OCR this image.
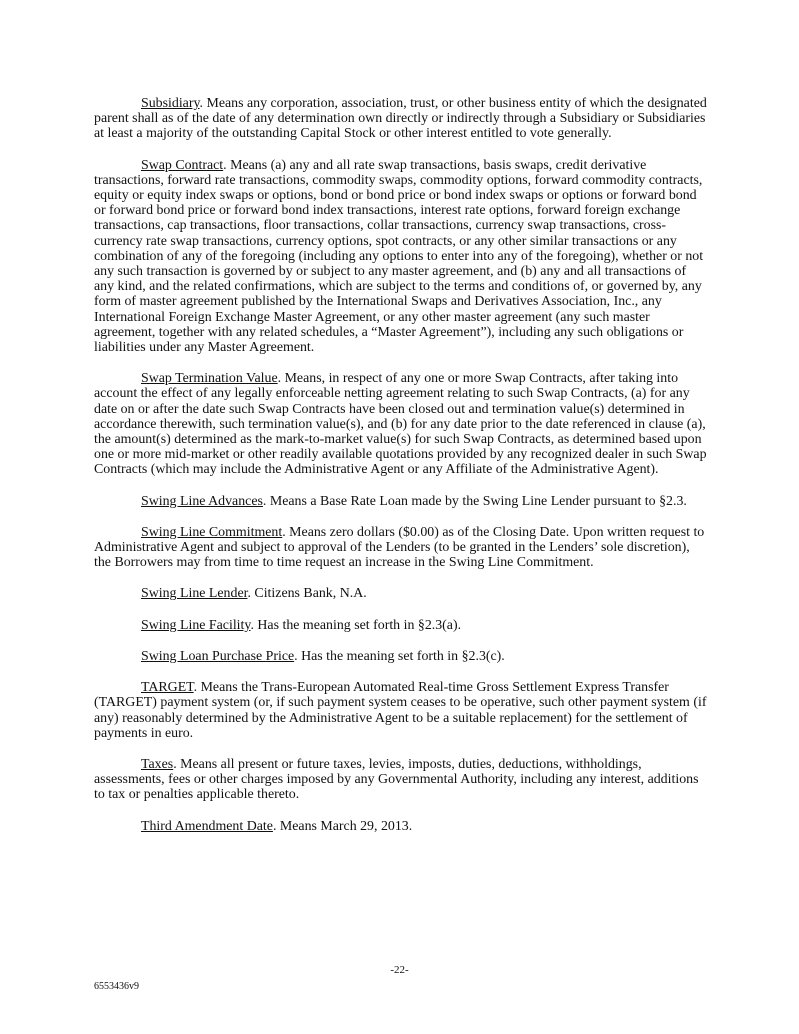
Subsidiary. Means any corporation, association, trust, or other business entity of which the designated parent shall as of the date of any determination own directly or indirectly through a Subsidiary or Subsidiaries at least a majority of the outstanding Capital Stock or other interest entitled to vote generally.

Swap Contract. Means (a) any and all rate swap transactions, basis swaps, credit derivative transactions, forward rate transactions, commodity swaps, commodity options, forward commodity contracts, equity or equity index swaps or options, bond or bond price or bond index swaps or options or forward bond or forward bond price or forward bond index transactions, interest rate options, forward foreign exchange transactions, cap transactions, floor transactions, collar transactions, currency swap transactions, cross-currency rate swap transactions, currency options, spot contracts, or any other similar transactions or any combination of any of the foregoing (including any options to enter into any of the foregoing), whether or not any such transaction is governed by or subject to any master agreement, and (b) any and all transactions of any kind, and the related confirmations, which are subject to the terms and conditions of, or governed by, any form of master agreement published by the International Swaps and Derivatives Association, Inc., any International Foreign Exchange Master Agreement, or any other master agreement (any such master agreement, together with any related schedules, a “Master Agreement”), including any such obligations or liabilities under any Master Agreement.

Swap Termination Value. Means, in respect of any one or more Swap Contracts, after taking into account the effect of any legally enforceable netting agreement relating to such Swap Contracts, (a) for any date on or after the date such Swap Contracts have been closed out and termination value(s) determined in accordance therewith, such termination value(s), and (b) for any date prior to the date referenced in clause (a), the amount(s) determined as the mark-to-market value(s) for such Swap Contracts, as determined based upon one or more mid-market or other readily available quotations provided by any recognized dealer in such Swap Contracts (which may include the Administrative Agent or any Affiliate of the Administrative Agent).

Swing Line Advances. Means a Base Rate Loan made by the Swing Line Lender pursuant to §2.3.

Swing Line Commitment. Means zero dollars ($0.00) as of the Closing Date. Upon written request to Administrative Agent and subject to approval of the Lenders (to be granted in the Lenders’ sole discretion), the Borrowers may from time to time request an increase in the Swing Line Commitment.

Swing Line Lender. Citizens Bank, N.A.

Swing Line Facility. Has the meaning set forth in §2.3(a).

Swing Loan Purchase Price. Has the meaning set forth in §2.3(c).

TARGET. Means the Trans-European Automated Real-time Gross Settlement Express Transfer (TARGET) payment system (or, if such payment system ceases to be operative, such other payment system (if any) reasonably determined by the Administrative Agent to be a suitable replacement) for the settlement of payments in euro.

Taxes. Means all present or future taxes, levies, imposts, duties, deductions, withholdings, assessments, fees or other charges imposed by any Governmental Authority, including any interest, additions to tax or penalties applicable thereto.

Third Amendment Date. Means March 29, 2013.

-22-
6553436v9
